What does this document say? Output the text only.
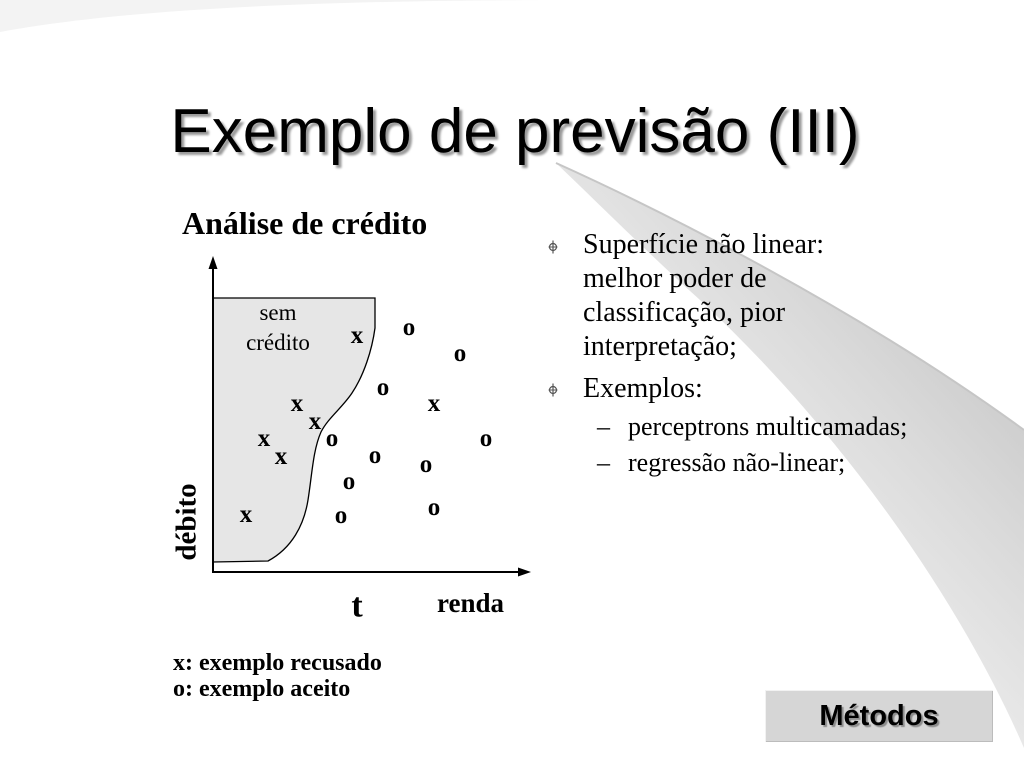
Exemplo de previsão (III)
Análise de crédito
sem
crédito	x o
o
o
x	x
x
x o	o
x	o o
o
o
x	o
débito
t	renda
x: exemplo recusado
o: exemplo aceito
Superfície não linear:
melhor poder de
classificação, pior
interpretação;
Exemplos:
– perceptrons multicamadas;
– regressão não-linear;
Métodos
